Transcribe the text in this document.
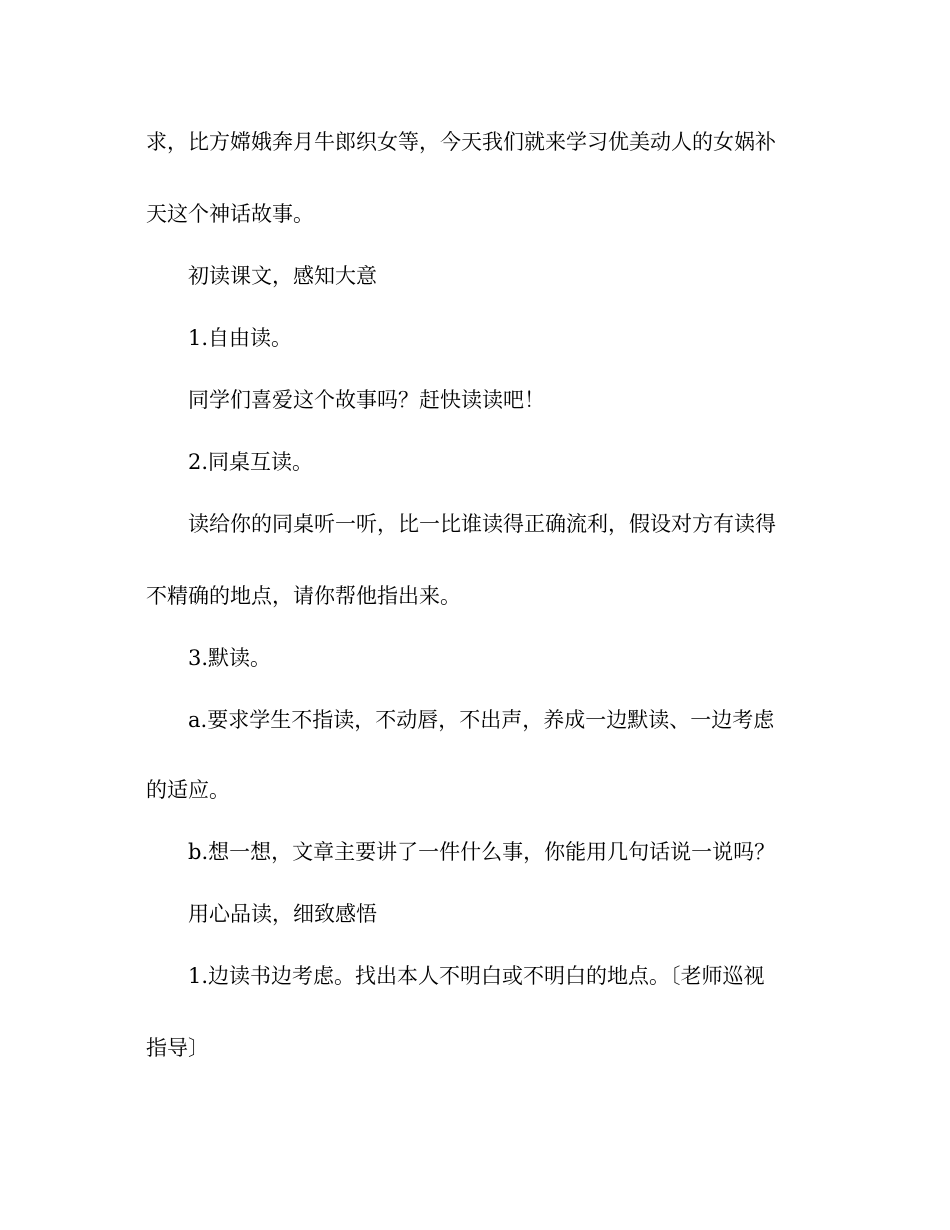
求，比方嫦娥奔月牛郎织女等，今天我们就来学习优美动人的女娲补
天这个神话故事。
初读课文，感知大意
1.自由读。
同学们喜爱这个故事吗？赶快读读吧！
2.同桌互读。
读给你的同桌听一听，比一比谁读得正确流利，假设对方有读得
不精确的地点，请你帮他指出来。
3.默读。
a.要求学生不指读，不动唇，不出声，养成一边默读、一边考虑
的适应。
b.想一想，文章主要讲了一件什么事，你能用几句话说一说吗？
用心品读，细致感悟
1.边读书边考虑。找出本人不明白或不明白的地点。〔老师巡视
指导〕
